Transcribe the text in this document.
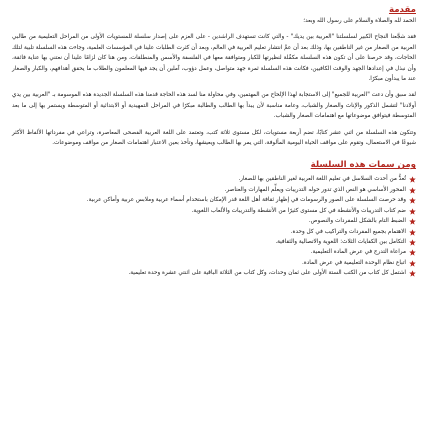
مقدمة

الحمد لله والصلاة والسلام على رسول الله وبعد؛

فقد شجَّعنا النجاح الكبير لسلسلتنا "العربية بين يديك" - والتي كانت تستهدف الراشدين - على العزم على إصدار سلسلة للمستويات الأولى من المراحل التعليمية من طالبي العربية من الصغار من غير الناطقين بها، وذلك بعد أن عمَّ انتشار تعليم العربية في العالم، وبعد أن كثرت الطلبات علينا في المؤسسات العلمية، وجاءت هذه السلسلة تلبية لتلك الحاجات، وقد حرصنا على أن تكون هذه السلسلة مكمِّلة لنظيرتها للكبار ومتوافقة معها في الفلسفة والأسس والمنطلقات، ومن هنا كان لزامًا علينا أن نعتني بها عناية فائقة، وأن نبذل في إعدادها الجهد والوقت الكافيين، فكانت هذه السلسلة ثمرة جهد متواصل، وعمل دؤوب، آملين أن يجد فيها المعلمون والطلاب ما يحقق أهدافهم، والكبار والصغار عند ما يبدأون مبكرًا.

لقد سبق وأن دعت "العربية للجميع" إلى الاستجابة لهذا الإلحاح من المهتمين، وفي محاولة منا لسد هذه الحاجة قدمنا هذه السلسلة الجديدة هذه الموسومة بـ "العربية بين يدي أولادنا" لتشمل الذكور والإناث والصغار والشباب، وعامة مناسبة لأن يبدأ بها الطالب والطالبة مبكرًا في المراحل التمهيدية أو الابتدائية أو المتوسطة ويستمر بها إلى ما بعد المتوسطة فيتوافق موضوعاتها مع اهتمامات الصغار والشباب.

وتتكون هذه السلسلة من اثني عشر كتابًا، تضم أربعة مستويات، لكل مستوى ثلاثة كتب، وتعتمد على اللغة العربية الفصحى المعاصرة، وتراعي في مفرداتها الألفاظ الأكثر شيوعًا في الاستعمال، وتقوم على مواقف الحياة اليومية المألوفة، التي يمر بها الطالب ويعيشها، وتأخذ بعين الاعتبار اهتمامات الصغار من مواقف وموضوعات.

ومن سمات هذه السلسلة
تُعدُّ من أحدث السلاسل في تعليم اللغة العربية لغير الناطقين بها للصغار.
المحور الأساسي هو النص الذي تدور حوله التدريبات ويعلِّم المهارات والعناصر.
وقد حرصت السلسلة على الصور والرسومات في إظهار ثقافة أهل اللغة قدر الإمكان باستخدام أسماء عربية وملابس عربية وأماكن عربية.
ضم كتاب التدريبات والأنشطة في كل مستوى كثيرًا من الأنشطة والتدريبات والألعاب اللغوية.
الضبط التام بالشكل للمفردات والنصوص.
الاهتمام بجميع المفردات والتراكيب في كل وحدة.
التكامل بين الكفايات الثلاث: اللغوية والاتصالية والثقافية.
مراعاة التدرج في عرض المادة التعليمية.
اتباع نظام الوحدة التعليمية في عرض المادة.
اشتمل كل كتاب من الكتب الستة الأولى على ثمان وحدات، وكل كتاب من الثلاثة الباقية على اثنتي عشرة وحدة تعليمية.
